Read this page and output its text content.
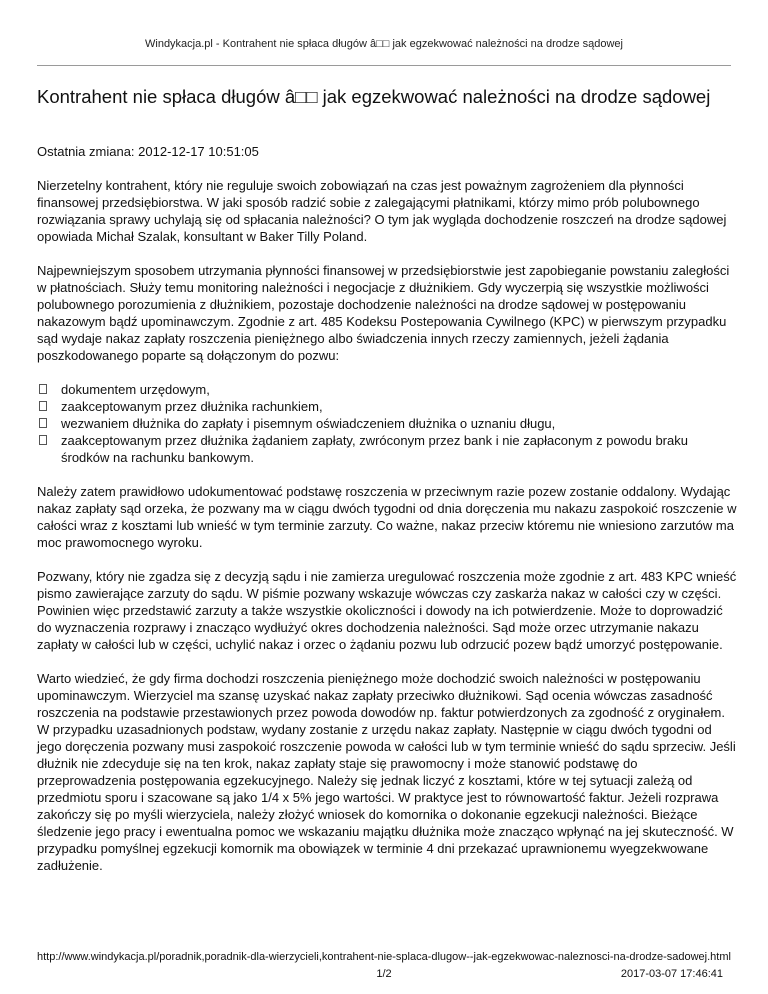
Windykacja.pl - Kontrahent nie spłaca długów â□□ jak egzekwować należności na drodze sądowej
Kontrahent nie spłaca długów â□□ jak egzekwować należności na drodze sądowej
Ostatnia zmiana: 2012-12-17 10:51:05

Nierzetelny kontrahent, który nie reguluje swoich zobowiązań na czas jest poważnym zagrożeniem dla płynności finansowej przedsiębiorstwa. W jaki sposób radzić sobie z zalegającymi płatnikami, którzy mimo prób polubownego rozwiązania sprawy uchylają się od spłacania należności? O tym jak wygląda dochodzenie roszczeń na drodze sądowej opowiada Michał Szalak, konsultant w Baker Tilly Poland.

Najpewniejszym sposobem utrzymania płynności finansowej w przedsiębiorstwie jest zapobieganie powstaniu zaległości w płatnościach. Służy temu monitoring należności i negocjacje z dłużnikiem. Gdy wyczerpią się wszystkie możliwości polubownego porozumienia z dłużnikiem, pozostaje dochodzenie należności na drodze sądowej w postępowaniu nakazowym bądź upominawczym. Zgodnie z art. 485 Kodeksu Postepowania Cywilnego (KPC) w pierwszym przypadku sąd wydaje nakaz zapłaty roszczenia pieniężnego albo świadczenia innych rzeczy zamiennych, jeżeli żądania poszkodowanego poparte są dołączonym do pozwu:

dokumentem urzędowym,
zaakceptowanym przez dłużnika rachunkiem,
wezwaniem dłużnika do zapłaty i pisemnym oświadczeniem dłużnika o uznaniu długu,
zaakceptowanym przez dłużnika żądaniem zapłaty, zwróconym przez bank i nie zapłaconym z powodu braku środków na rachunku bankowym.

Należy zatem prawidłowo udokumentować podstawę roszczenia w przeciwnym razie pozew zostanie oddalony. Wydając nakaz zapłaty sąd orzeka, że pozwany ma w ciągu dwóch tygodni od dnia doręczenia mu nakazu zaspokoić roszczenie w całości wraz z kosztami lub wnieść w tym terminie zarzuty. Co ważne, nakaz przeciw któremu nie wniesiono zarzutów ma moc prawomocnego wyroku.

Pozwany, który nie zgadza się z decyzją sądu i nie zamierza uregulować roszczenia może zgodnie z art. 483 KPC wnieść pismo zawierające zarzuty do sądu. W piśmie pozwany wskazuje wówczas czy zaskarża nakaz w całości czy w części. Powinien więc przedstawić zarzuty a także wszystkie okoliczności i dowody na ich potwierdzenie. Może to doprowadzić do wyznaczenia rozprawy i znacząco wydłużyć okres dochodzenia należności. Sąd może orzec utrzymanie nakazu zapłaty w całości lub w części, uchylić nakaz i orzec o żądaniu pozwu lub odrzucić pozew bądź umorzyć postępowanie.

Warto wiedzieć, że gdy firma dochodzi roszczenia pieniężnego może dochodzić swoich należności w postępowaniu upominawczym. Wierzyciel ma szansę uzyskać nakaz zapłaty przeciwko dłużnikowi. Sąd ocenia wówczas zasadność roszczenia na podstawie przestawionych przez powoda dowodów np. faktur potwierdzonych za zgodność z oryginałem. W przypadku uzasadnionych podstaw, wydany zostanie z urzędu nakaz zapłaty. Następnie w ciągu dwóch tygodni od jego doręczenia pozwany musi zaspokoić roszczenie powoda w całości lub w tym terminie wnieść do sądu sprzeciw. Jeśli dłużnik nie zdecyduje się na ten krok, nakaz zapłaty staje się prawomocny i może stanowić podstawę do przeprowadzenia postępowania egzekucyjnego. Należy się jednak liczyć z kosztami, które w tej sytuacji zależą od przedmiotu sporu i szacowane są jako 1/4 x 5% jego wartości. W praktyce jest to równowartość faktur. Jeżeli rozprawa zakończy się po myśli wierzyciela, należy złożyć wniosek do komornika o dokonanie egzekucji należności. Bieżące śledzenie jego pracy i ewentualna pomoc we wskazaniu majątku dłużnika może znacząco wpłynąć na jej skuteczność. W przypadku pomyślnej egzekucji komornik ma obowiązek w terminie 4 dni przekazać uprawnionemu wyegzekwowane zadłużenie.

http://www.windykacja.pl/poradnik,poradnik-dla-wierzycieli,kontrahent-nie-splaca-dlugow--jak-egzekwowac-naleznosci-na-drodze-sadowej.html
1/2	2017-03-07 17:46:41
